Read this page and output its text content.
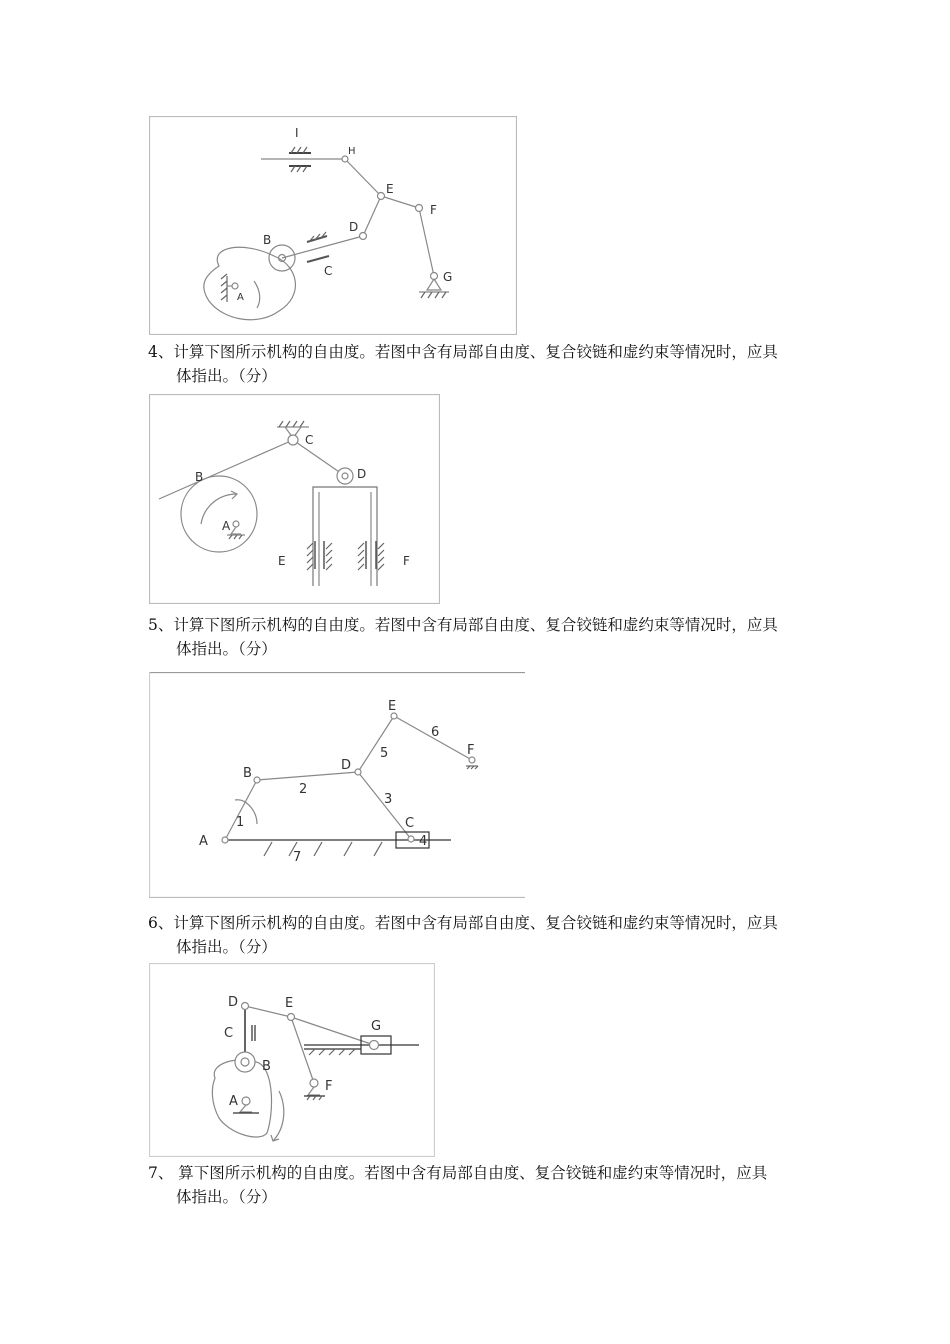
I
H
E
F
D
B
C	G
A
4、计算下图所示机构的自由度。若图中含有局部自由度、复合铰链和虚约束等情况时，应具
体指出。（分）
C
B	D
A
E	F
5、计算下图所示机构的自由度。若图中含有局部自由度、复合铰链和虚约束等情况时，应具
体指出。（分）
E
6
F
5
D
B
2
3
1	C
4
A
7
6、计算下图所示机构的自由度。若图中含有局部自由度、复合铰链和虚约束等情况时，应具
体指出。（分）
D	E
C	G
B
F
A
7、 算下图所示机构的自由度。若图中含有局部自由度、复合铰链和虚约束等情况时，应具
体指出。（分）
